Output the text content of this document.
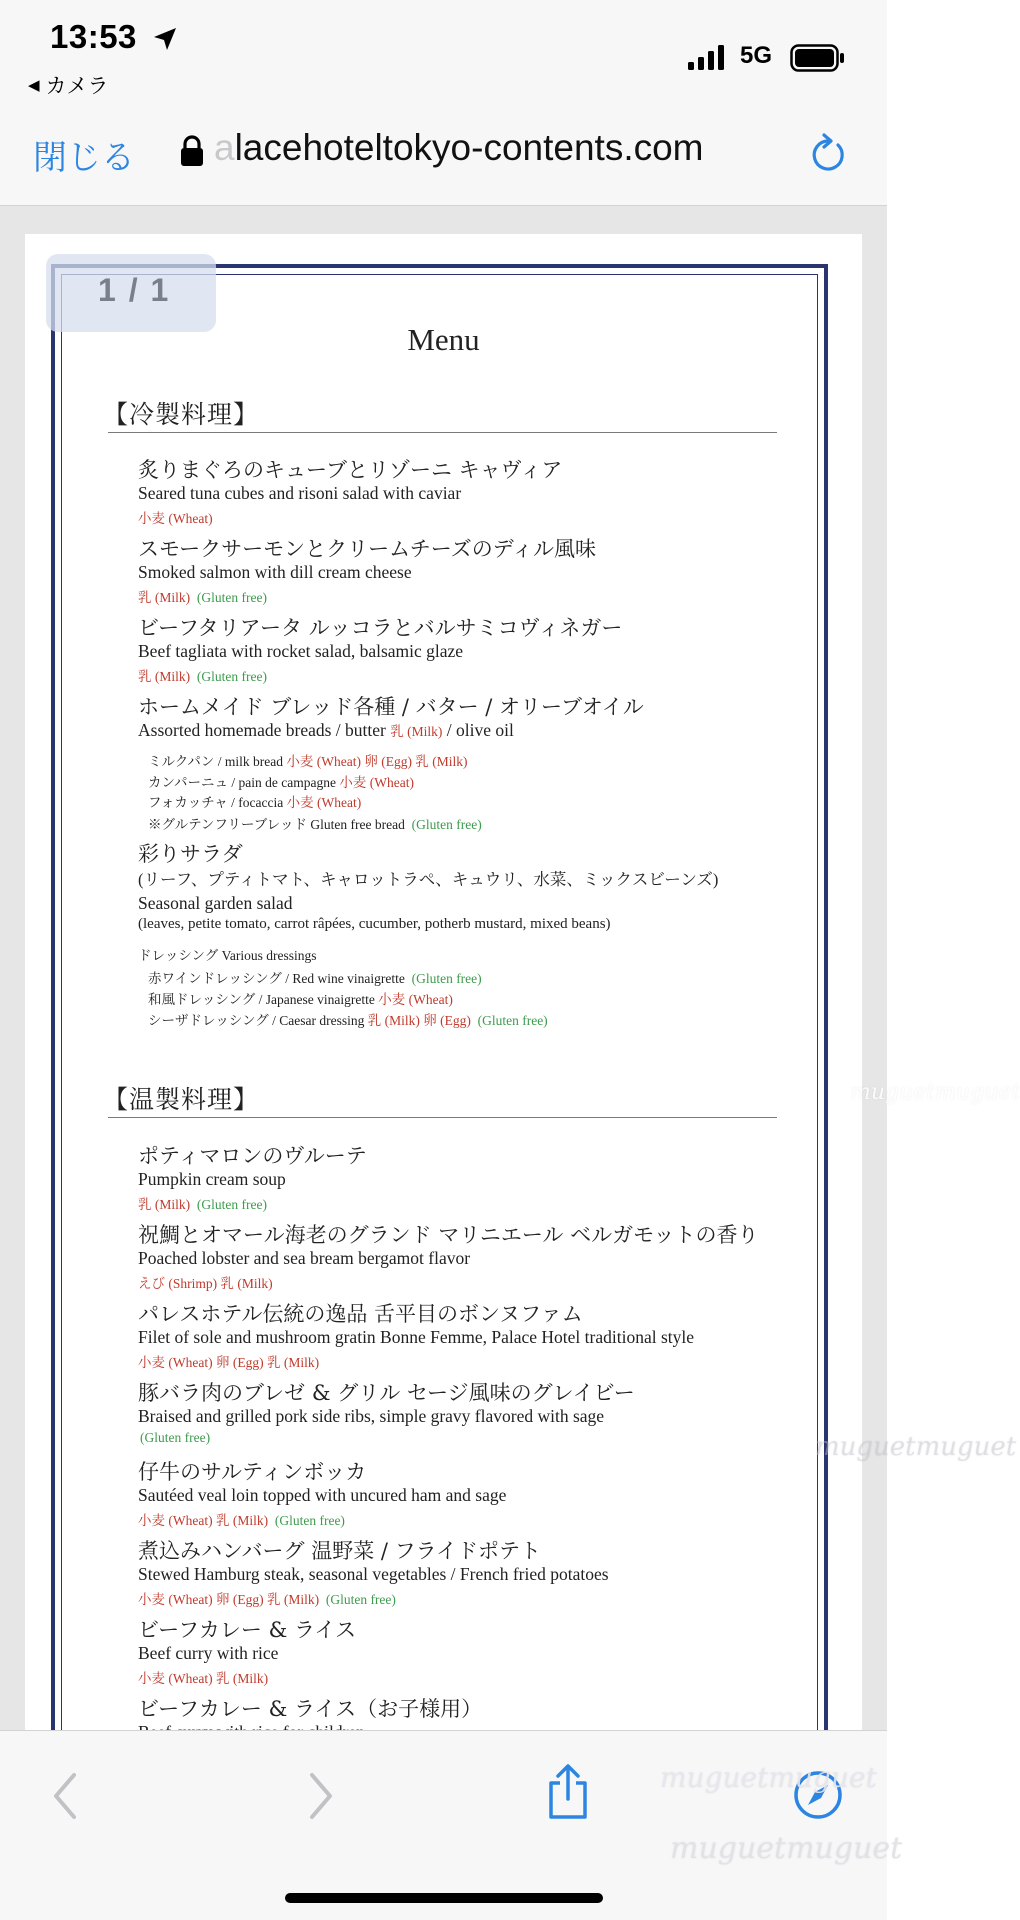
13:53
◀ カメラ
5G
閉じる alacehoteltokyo-contents.com
1 / 1
Menu
【冷製料理】
炙りまぐろのキューブとリゾーニ キャヴィア
Seared tuna cubes and risoni salad with caviar
小麦 (Wheat)
スモークサーモンとクリームチーズのディル風味
Smoked salmon with dill cream cheese
乳 (Milk) (Gluten free)
ビーフタリアータ ルッコラとバルサミコヴィネガー
Beef tagliata with rocket salad, balsamic glaze
乳 (Milk) (Gluten free)
ホームメイド ブレッド各種 / バター / オリーブオイル
Assorted homemade breads / butter 乳 (Milk) / olive oil
ミルクパン / milk bread 小麦 (Wheat) 卵 (Egg) 乳 (Milk)
カンパーニュ / pain de campagne 小麦 (Wheat)
フォカッチャ / focaccia 小麦 (Wheat)
※グルテンフリーブレッド Gluten free bread (Gluten free)
彩りサラダ
(リーフ、プティトマト、キャロットラペ、キュウリ、水菜、ミックスビーンズ)
Seasonal garden salad
(leaves, petite tomato, carrot râpées, cucumber, potherb mustard, mixed beans)
ドレッシング Various dressings
赤ワインドレッシング / Red wine vinaigrette (Gluten free)
和風ドレッシング / Japanese vinaigrette 小麦 (Wheat)
シーザドレッシング / Caesar dressing 乳 (Milk) 卵 (Egg) (Gluten free)
【温製料理】
ポティマロンのヴルーテ
Pumpkin cream soup
乳 (Milk) (Gluten free)
祝鯛とオマール海老のグランド マリニエール ベルガモットの香り
Poached lobster and sea bream bergamot flavor
えび (Shrimp) 乳 (Milk)
パレスホテル伝統の逸品 舌平目のボンヌファム
Filet of sole and mushroom gratin Bonne Femme, Palace Hotel traditional style
小麦 (Wheat) 卵 (Egg) 乳 (Milk)
豚バラ肉のブレゼ & グリル セージ風味のグレイビー
Braised and grilled pork side ribs, simple gravy flavored with sage
(Gluten free)
仔牛のサルティンボッカ
Sautéed veal loin topped with uncured ham and sage
小麦 (Wheat) 乳 (Milk) (Gluten free)
煮込みハンバーグ 温野菜 / フライドポテト
Stewed Hamburg steak, seasonal vegetables / French fried potatoes
小麦 (Wheat) 卵 (Egg) 乳 (Milk) (Gluten free)
ビーフカレー & ライス
Beef curry with rice
小麦 (Wheat) 乳 (Milk)
ビーフカレー & ライス（お子様用）
muguetmuguet
muguetmuguet
muguetmuguet
muguetmuguet
